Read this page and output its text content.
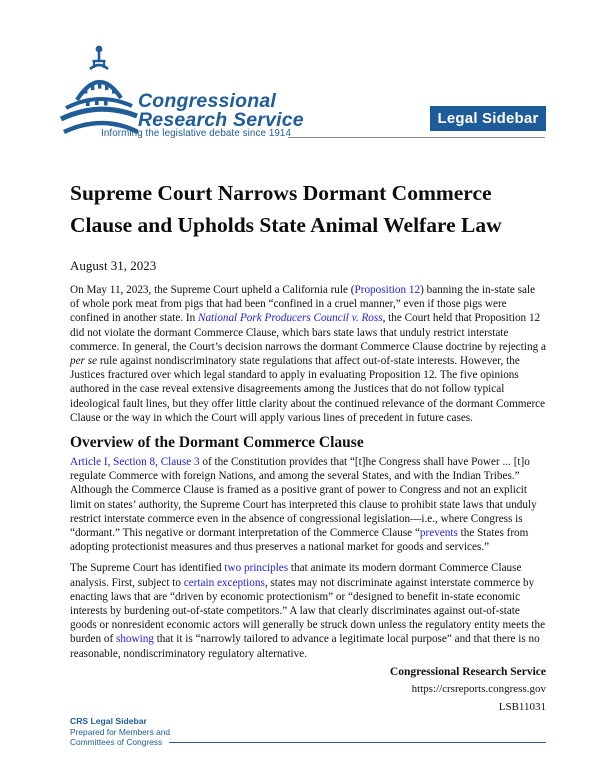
Congressional
Research Service
Informing the legislative debate since 1914
Legal Sidebar
Supreme Court Narrows Dormant Commerce Clause and Upholds State Animal Welfare Law
August 31, 2023

On May 11, 2023, the Supreme Court upheld a California rule (Proposition 12) banning the in-state sale of whole pork meat from pigs that had been “confined in a cruel manner,” even if those pigs were confined in another state. In National Pork Producers Council v. Ross, the Court held that Proposition 12 did not violate the dormant Commerce Clause, which bars state laws that unduly restrict interstate commerce. In general, the Court’s decision narrows the dormant Commerce Clause doctrine by rejecting a per se rule against nondiscriminatory state regulations that affect out-of-state interests. However, the Justices fractured over which legal standard to apply in evaluating Proposition 12. The five opinions authored in the case reveal extensive disagreements among the Justices that do not follow typical ideological fault lines, but they offer little clarity about the continued relevance of the dormant Commerce Clause or the way in which the Court will apply various lines of precedent in future cases.

Overview of the Dormant Commerce Clause

Article I, Section 8, Clause 3 of the Constitution provides that “[t]he Congress shall have Power ... [t]o regulate Commerce with foreign Nations, and among the several States, and with the Indian Tribes.” Although the Commerce Clause is framed as a positive grant of power to Congress and not an explicit limit on states’ authority, the Supreme Court has interpreted this clause to prohibit state laws that unduly restrict interstate commerce even in the absence of congressional legislation—i.e., where Congress is “dormant.” This negative or dormant interpretation of the Commerce Clause “prevents the States from adopting protectionist measures and thus preserves a national market for goods and services.”

The Supreme Court has identified two principles that animate its modern dormant Commerce Clause analysis. First, subject to certain exceptions, states may not discriminate against interstate commerce by enacting laws that are “driven by economic protectionism” or “designed to benefit in-state economic interests by burdening out-of-state competitors.” A law that clearly discriminates against out-of-state goods or nonresident economic actors will generally be struck down unless the regulatory entity meets the burden of showing that it is “narrowly tailored to advance a legitimate local purpose” and that there is no reasonable, nondiscriminatory regulatory alternative.

Congressional Research Service
https://crsreports.congress.gov
LSB11031
CRS Legal Sidebar
Prepared for Members and
Committees of Congress
